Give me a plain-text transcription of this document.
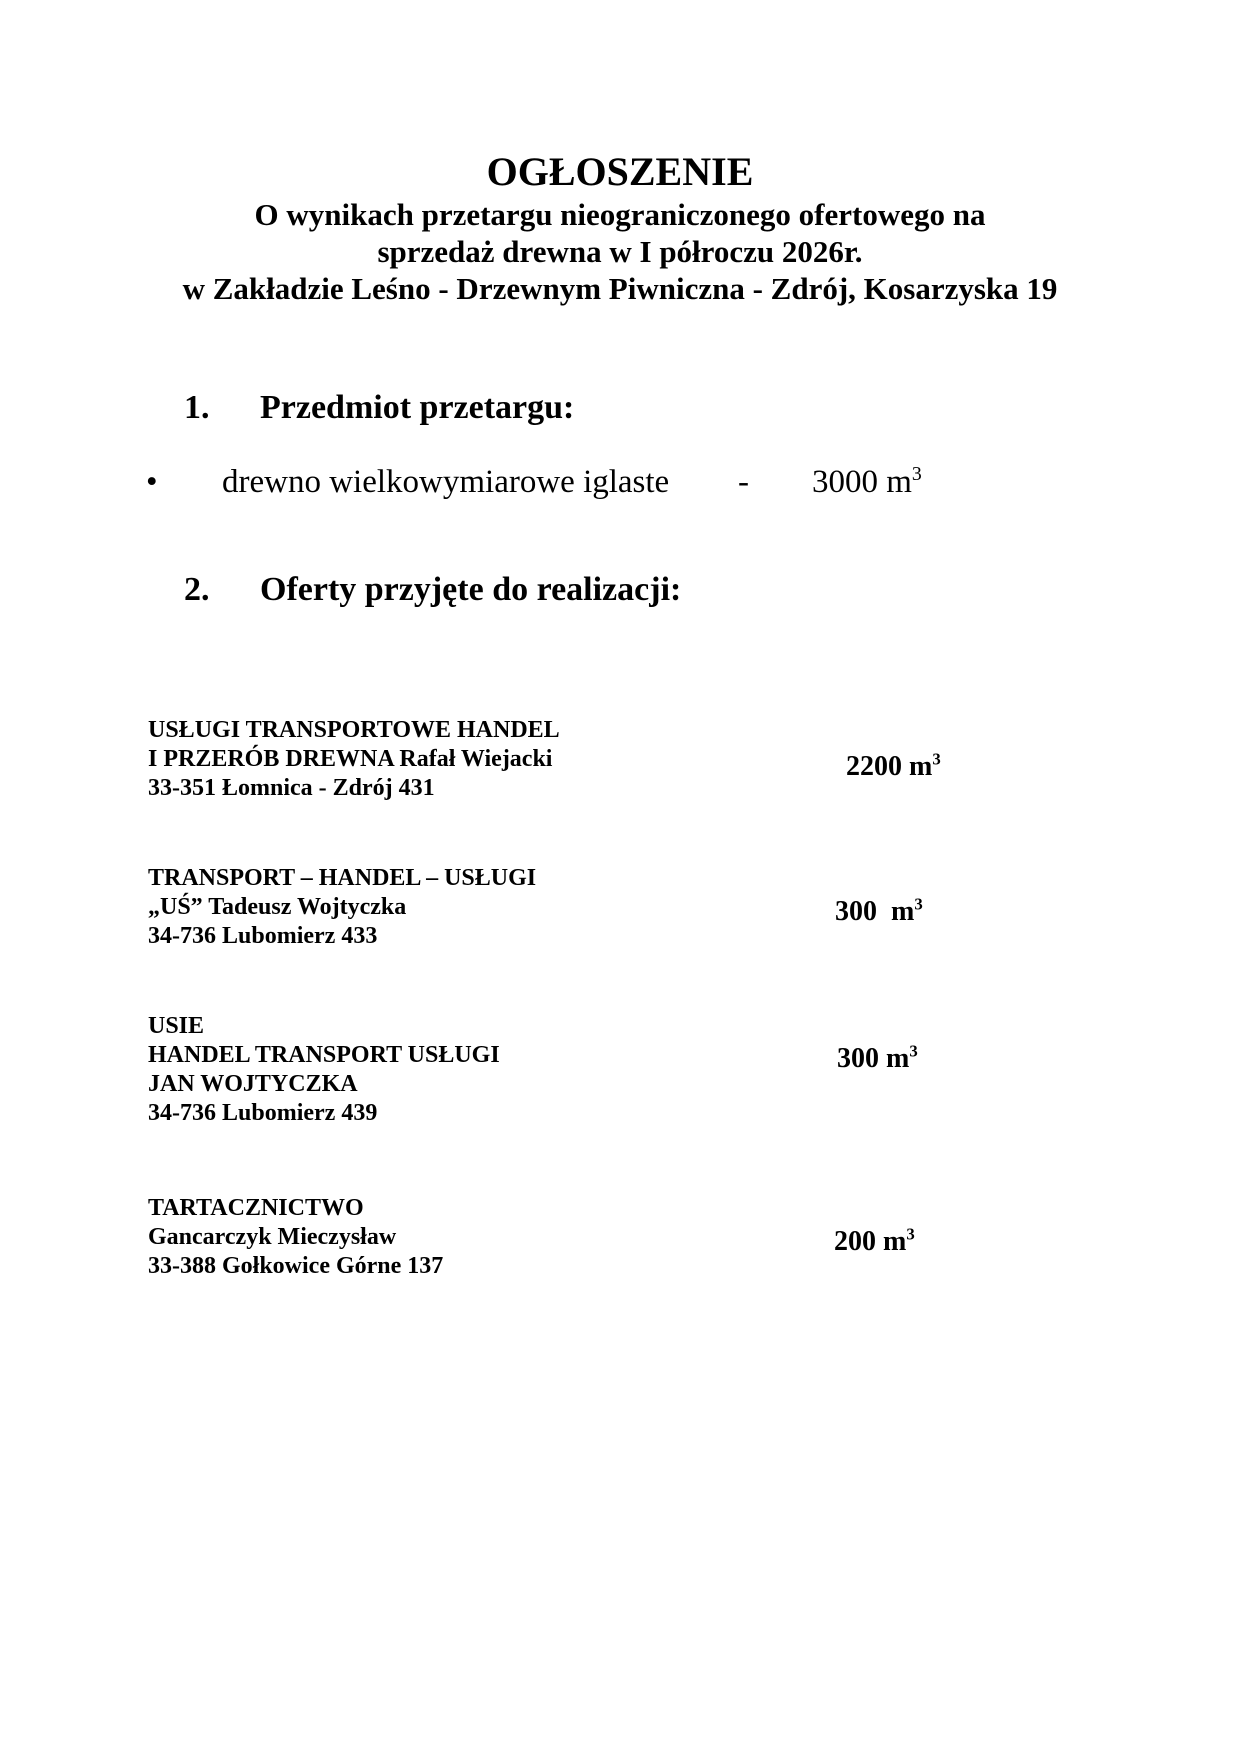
OGŁOSZENIE
O wynikach przetargu nieograniczonego ofertowego na
sprzedaż drewna w I półroczu 2026r.
w Zakładzie Leśno - Drzewnym Piwniczna - Zdrój, Kosarzyska 19
1. Przedmiot przetargu:
• drewno wielkowymiarowe iglaste - 3000 $m^3$
2. Oferty przyjęte do realizacji:
USŁUGI TRANSPORTOWE HANDEL
I PRZERÓB DREWNA Rafał Wiejacki
33-351 Łomnica - Zdrój 431
2200 $m^3$
TRANSPORT – HANDEL – USŁUGI
„UŚ” Tadeusz Wojtyczka
34-736 Lubomierz 433
300  $m^3$
USIE
HANDEL TRANSPORT USŁUGI
JAN WOJTYCZKA
34-736 Lubomierz 439
300 $m^3$
TARTACZNICTWO
Gancarczyk Mieczysław
33-388 Gołkowice Górne 137
200 $m^3$
